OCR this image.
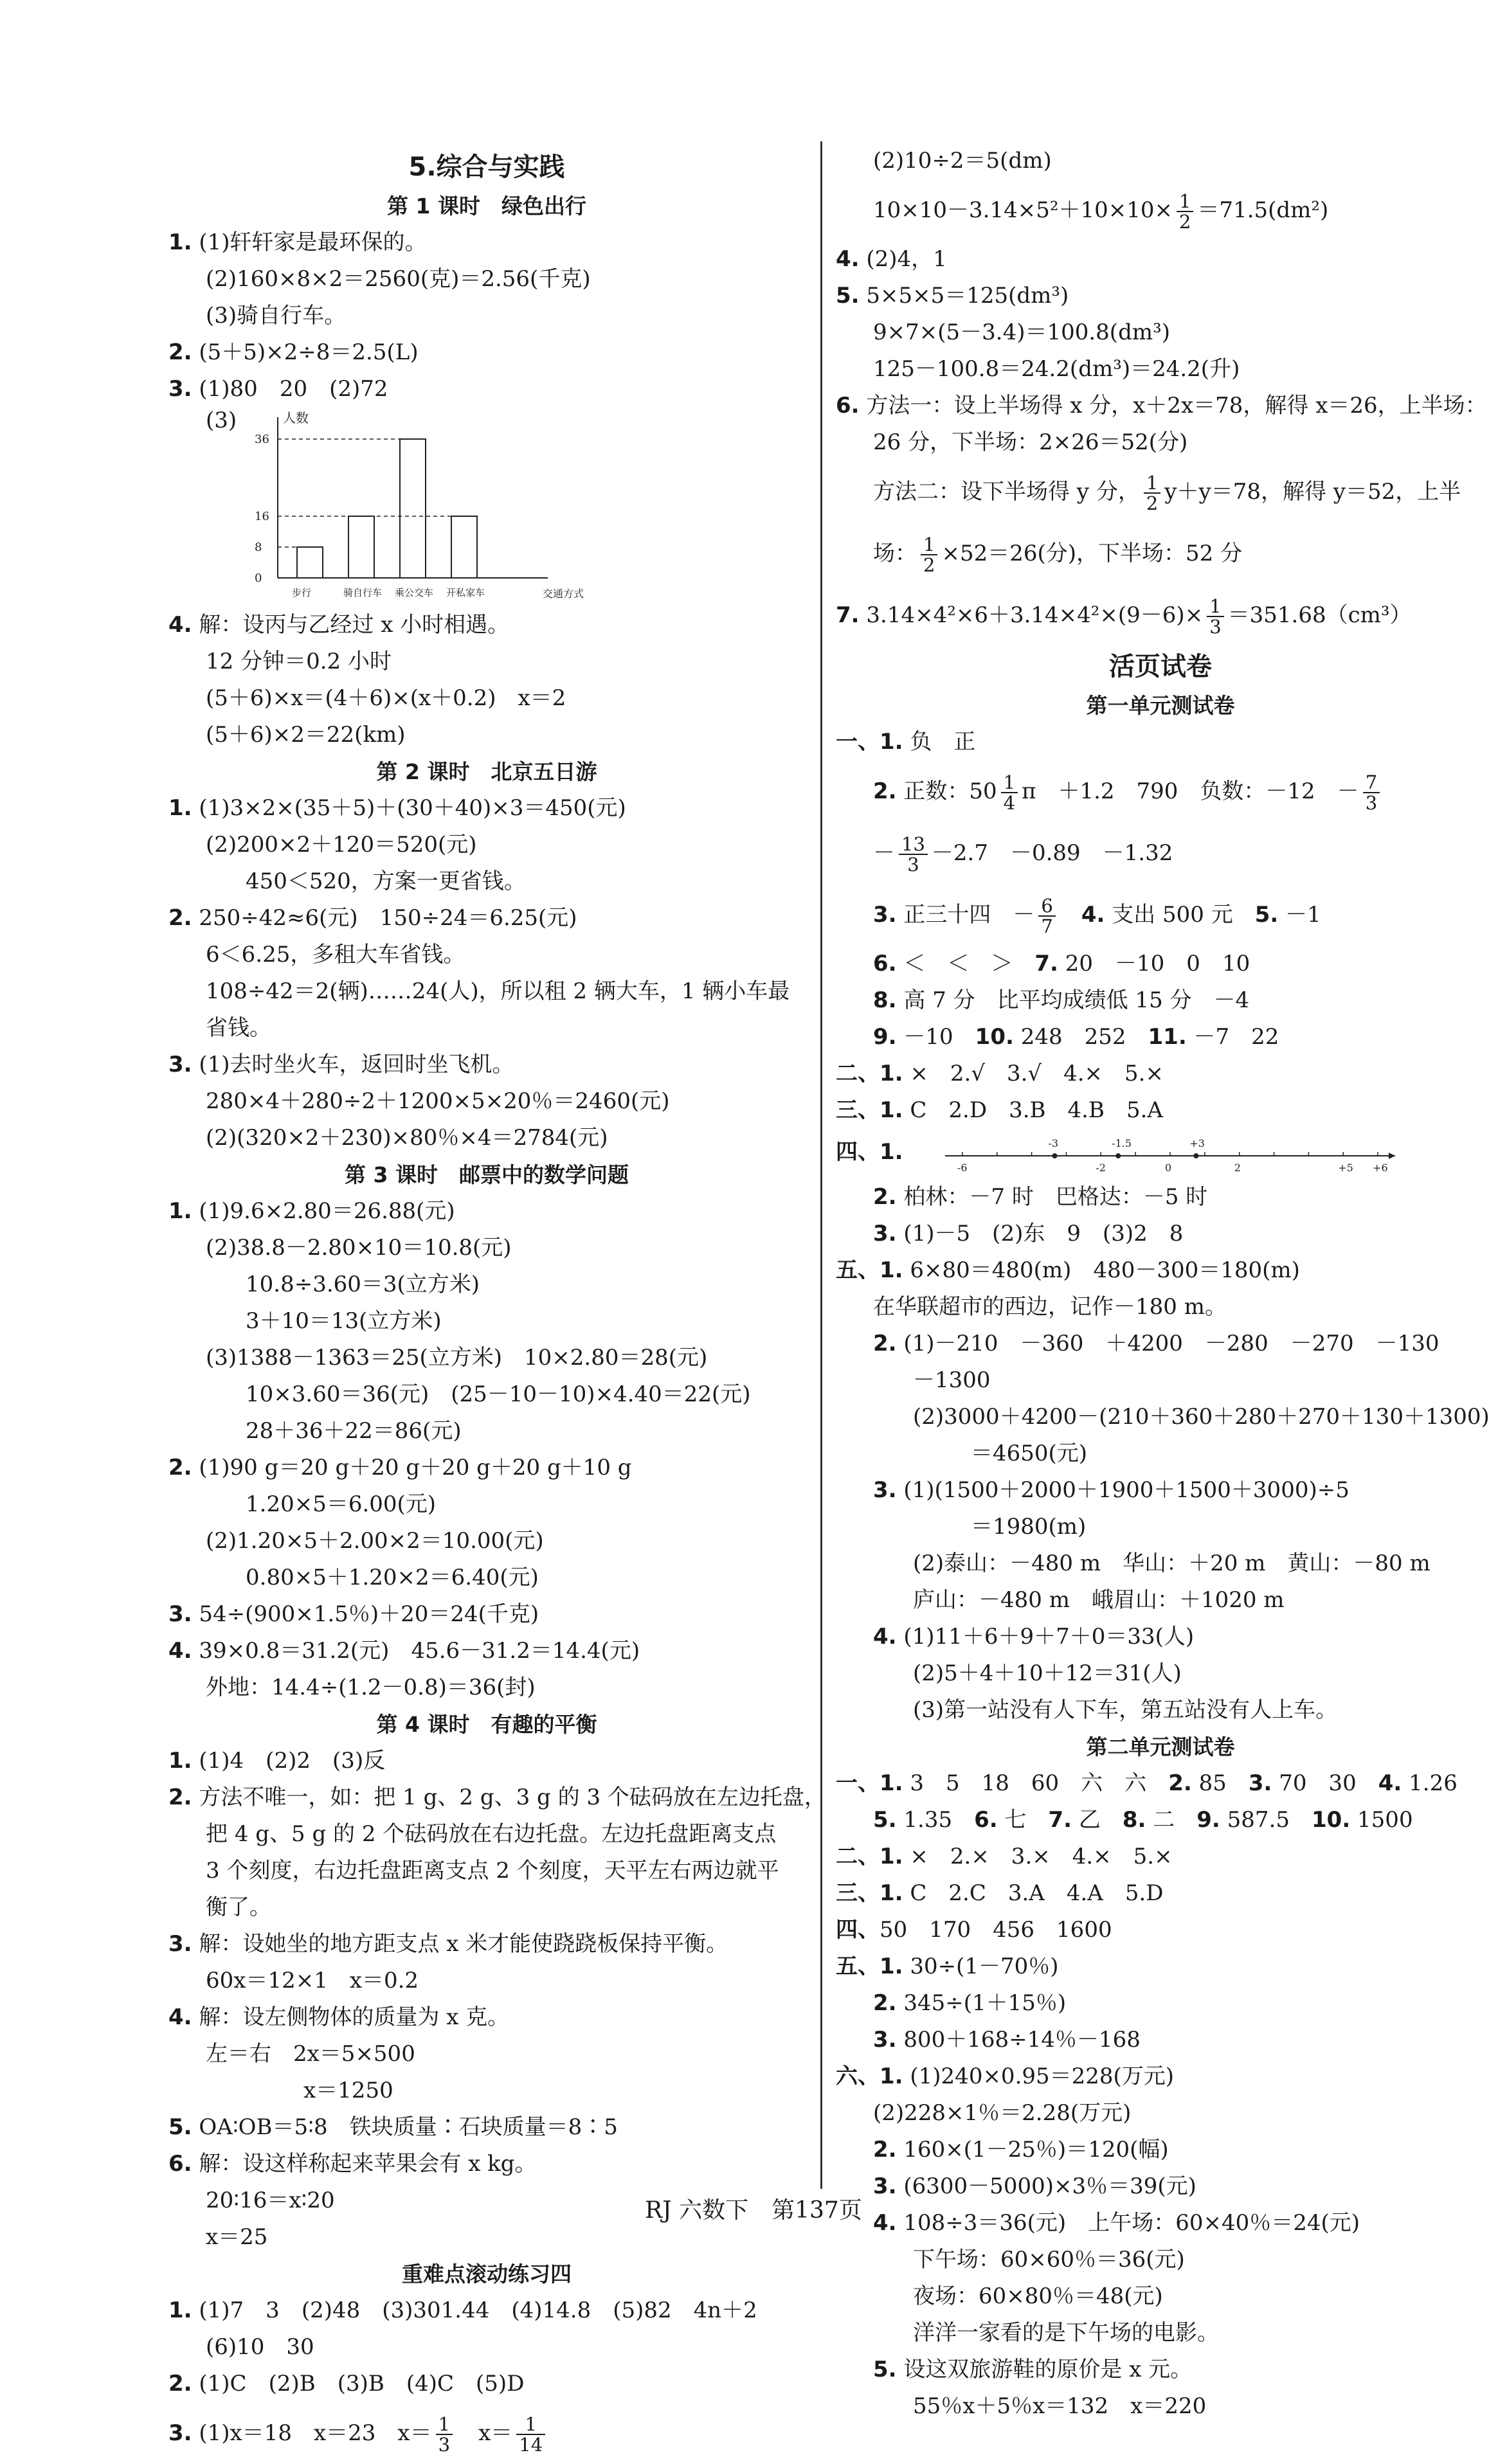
5.综合与实践
第 1 课时　绿色出行
1. (1)轩轩家是最环保的。
(2)160×8×2＝2560(克)＝2.56(千克)
(3)骑自行车。
2. (5＋5)×2÷8＝2.5(L)
3. (1)80　20　(2)72
(3)	人数
交通方式
步行	骑自行车 乘公交车 开私家车
36
16
8
0
4. 解：设丙与乙经过 x 小时相遇。
12 分钟＝0.2 小时
(5＋6)×x＝(4＋6)×(x＋0.2)　x＝2
(5＋6)×2＝22(km)
第 2 课时　北京五日游
1. (1)3×2×(35＋5)＋(30＋40)×3＝450(元)
(2)200×2＋120＝520(元)
450＜520，方案一更省钱。
2. 250÷42≈6(元)　150÷24＝6.25(元)
6＜6.25，多租大车省钱。
108÷42＝2(辆)……24(人)，所以租 2 辆大车，1 辆小车最
省钱。
3. (1)去时坐火车，返回时坐飞机。
280×4＋280÷2＋1200×5×20％＝2460(元)
(2)(320×2＋230)×80％×4＝2784(元)
第 3 课时　邮票中的数学问题
1. (1)9.6×2.80＝26.88(元)
(2)38.8－2.80×10＝10.8(元)
10.8÷3.60＝3(立方米)
3＋10＝13(立方米)
(3)1388－1363＝25(立方米)　10×2.80＝28(元)
10×3.60＝36(元)　(25－10－10)×4.40＝22(元)
28＋36＋22＝86(元)
2. (1)90 g＝20 g＋20 g＋20 g＋20 g＋10 g
1.20×5＝6.00(元)
(2)1.20×5＋2.00×2＝10.00(元)
0.80×5＋1.20×2＝6.40(元)
3. 54÷(900×1.5％)＋20＝24(千克)
4. 39×0.8＝31.2(元)　45.6－31.2＝14.4(元)
外地：14.4÷(1.2－0.8)＝36(封)
第 4 课时　有趣的平衡
1. (1)4　(2)2　(3)反
2. 方法不唯一，如：把 1 g、2 g、3 g 的 3 个砝码放在左边托盘，
把 4 g、5 g 的 2 个砝码放在右边托盘。左边托盘距离支点
3 个刻度，右边托盘距离支点 2 个刻度，天平左右两边就平
衡了。
3. 解：设她坐的地方距支点 x 米才能使跷跷板保持平衡。
60x＝12×1　x＝0.2
4. 解：设左侧物体的质量为 x 克。
左＝右　2x＝5×500
x＝1250
5. OA∶OB＝5∶8　铁块质量∶石块质量＝8∶5
6. 解：设这样称起来苹果会有 x kg。
20∶16＝x∶20
x＝25
重难点滚动练习四
1. (1)7　3　(2)48　(3)301.44　(4)14.8　(5)82　4n＋2
(6)10　30
2. (1)C　(2)B　(3)B　(4)C　(5)D
3. (1)x＝18　x＝23　$x= \frac{1}{3}$
　 $x= \frac{1}{14}$
(2)10÷2＝5(dm)
$10\times 10-3.14\times 5^2+10\times 10\times \frac{1}{2} =71.5(dm^2)$
4. (2)4，1
5. 5×5×5＝125(dm³)
9×7×(5－3.4)＝100.8(dm³)
125－100.8＝24.2(dm³)＝24.2(升)
6. 方法一：设上半场得 x 分，x＋2x＝78，解得 x＝26，上半场：
26 分，下半场：2×26＝52(分)
方法二：设下半场得 y 分， $\frac{1}{2} y+y=78$，解得 y＝52，上半
场： $\frac{1}{2} \times 52=26$(分)，下半场：52 分
7. $3.14\times 4^2\times 6+3.14\times 4^2\times(9-6)\times \frac{1}{3} =351.68(cm^3)$
活页试卷
第一单元测试卷
一、1. 负　正
2. 正数：$50 \frac{1}{4}$ π　＋1.2　790　负数：－12　－ $\frac{7}{3}$
－ $\frac{13}{3} -2.7$　－0.89　－1.32
3. 正三十四　－ $\frac{6}{7}$
　 4. 支出 500 元　 5. －1
6. ＜　＜　＞　 7. 20　－10　0　10
8. 高 7 分　比平均成绩低 15 分　－4
9. －10　 10. 248　252　 11. －7　22
二、1. ×　2.√　3.√　4.×　5.×
三、1. C　2.D　3.B　4.B　5.A
四、1.
-6	-2	0	2	+5 +6
-3	-1.5	+3
2. 柏林：－7 时　巴格达：－5 时
3. (1)－5　(2)东　9　(3)2　8
五、1. 6×80＝480(m)　480－300＝180(m)
在华联超市的西边，记作－180 m。
2. (1)－210　－360　＋4200　－280　－270　－130
－1300
(2)3000＋4200－(210＋360＋280＋270＋130＋1300)
＝4650(元)
3. (1)(1500＋2000＋1900＋1500＋3000)÷5
＝1980(m)
(2)泰山：－480 m　华山：＋20 m　黄山：－80 m
庐山：－480 m　峨眉山：＋1020 m
4. (1)11＋6＋9＋7＋0＝33(人)
(2)5＋4＋10＋12＝31(人)
(3)第一站没有人下车，第五站没有人上车。
第二单元测试卷
一、1. 3　5　18　60　六　六　 2. 85　 3. 70　30　 4. 1.26
5. 1.35　 6. 七　 7. 乙　 8. 二　 9. 587.5　 10. 1500
二、1. ×　2.×　3.×　4.×　5.×
三、1. C　2.C　3.A　4.A　5.D
四、50　170　456　1600
五、1. 30÷(1－70％)
2. 345÷(1＋15％)
3. 800＋168÷14％－168
六、1. (1)240×0.95＝228(万元)
(2)228×1％＝2.28(万元)
2. 160×(1－25％)＝120(幅)
3. (6300－5000)×3％＝39(元)
4. 108÷3＝36(元)　上午场：60×40％＝24(元)
下午场：60×60％＝36(元)
夜场：60×80％＝48(元)
洋洋一家看的是下午场的电影。
5. 设这双旅游鞋的原价是 x 元。
55％x＋5％x＝132　x＝220
RJ 六数下　第137页
